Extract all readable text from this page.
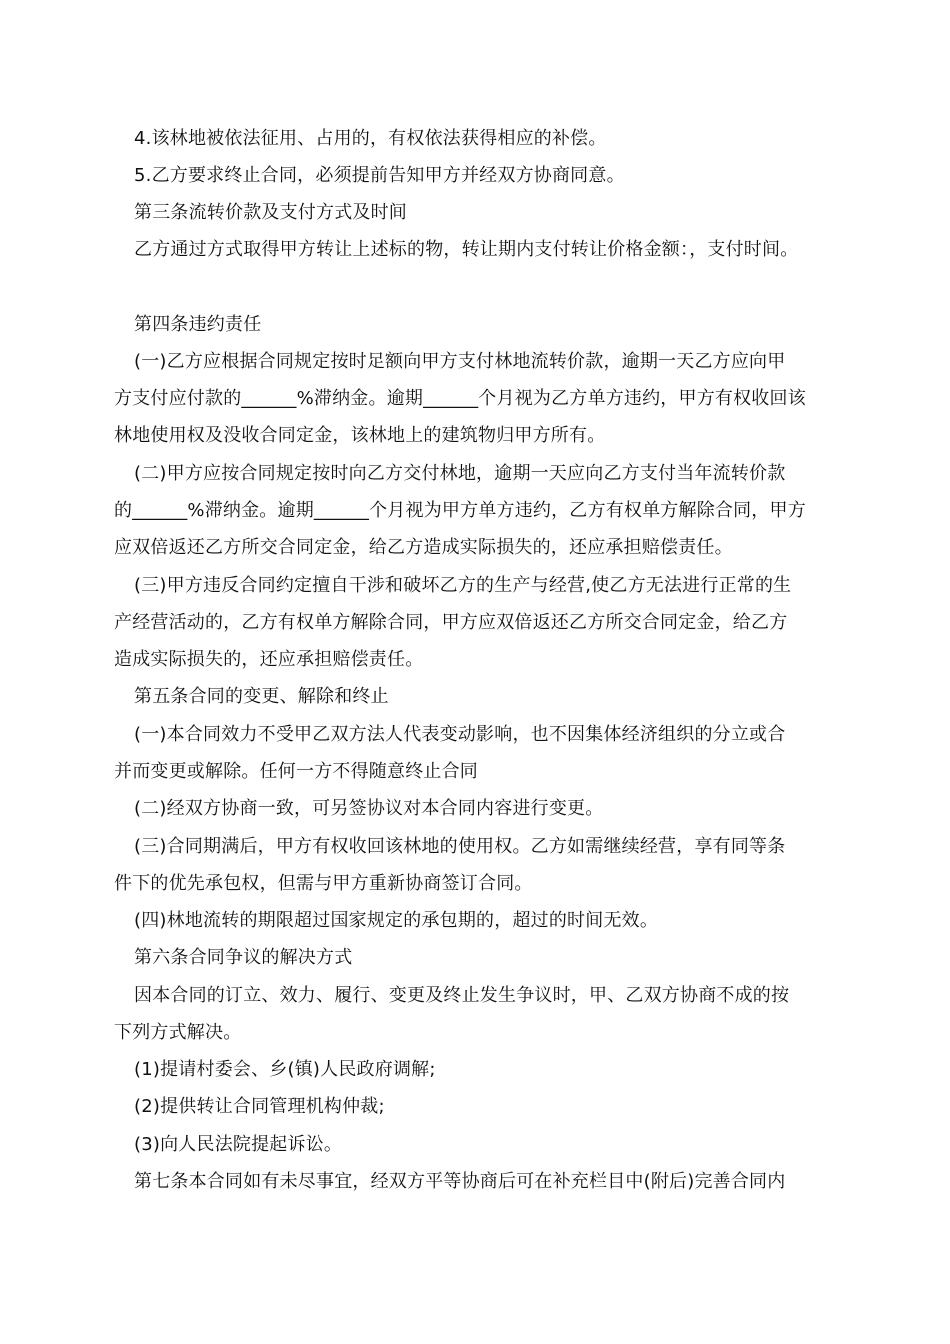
4.该林地被依法征用、占用的，有权依法获得相应的补偿。
5.乙方要求终止合同，必须提前告知甲方并经双方协商同意。
第三条流转价款及支付方式及时间
乙方通过方式取得甲方转让上述标的物，转让期内支付转让价格金额：，支付时间。
第四条违约责任
(一)乙方应根据合同规定按时足额向甲方支付林地流转价款，逾期一天乙方应向甲
方支付应付款的______%滞纳金。逾期______个月视为乙方单方违约，甲方有权收回该
林地使用权及没收合同定金，该林地上的建筑物归甲方所有。
(二)甲方应按合同规定按时向乙方交付林地，逾期一天应向乙方支付当年流转价款
的______%滞纳金。逾期______个月视为甲方单方违约，乙方有权单方解除合同，甲方
应双倍返还乙方所交合同定金，给乙方造成实际损失的，还应承担赔偿责任。
(三)甲方违反合同约定擅自干涉和破坏乙方的生产与经营,使乙方无法进行正常的生
产经营活动的，乙方有权单方解除合同，甲方应双倍返还乙方所交合同定金，给乙方
造成实际损失的，还应承担赔偿责任。
第五条合同的变更、解除和终止
(一)本合同效力不受甲乙双方法人代表变动影响，也不因集体经济组织的分立或合
并而变更或解除。任何一方不得随意终止合同
(二)经双方协商一致，可另签协议对本合同内容进行变更。
(三)合同期满后，甲方有权收回该林地的使用权。乙方如需继续经营，享有同等条
件下的优先承包权，但需与甲方重新协商签订合同。
(四)林地流转的期限超过国家规定的承包期的，超过的时间无效。
第六条合同争议的解决方式
因本合同的订立、效力、履行、变更及终止发生争议时，甲、乙双方协商不成的按
下列方式解决。
(1)提请村委会、乡(镇)人民政府调解;
(2)提供转让合同管理机构仲裁;
(3)向人民法院提起诉讼。
第七条本合同如有未尽事宜，经双方平等协商后可在补充栏目中(附后)完善合同内
